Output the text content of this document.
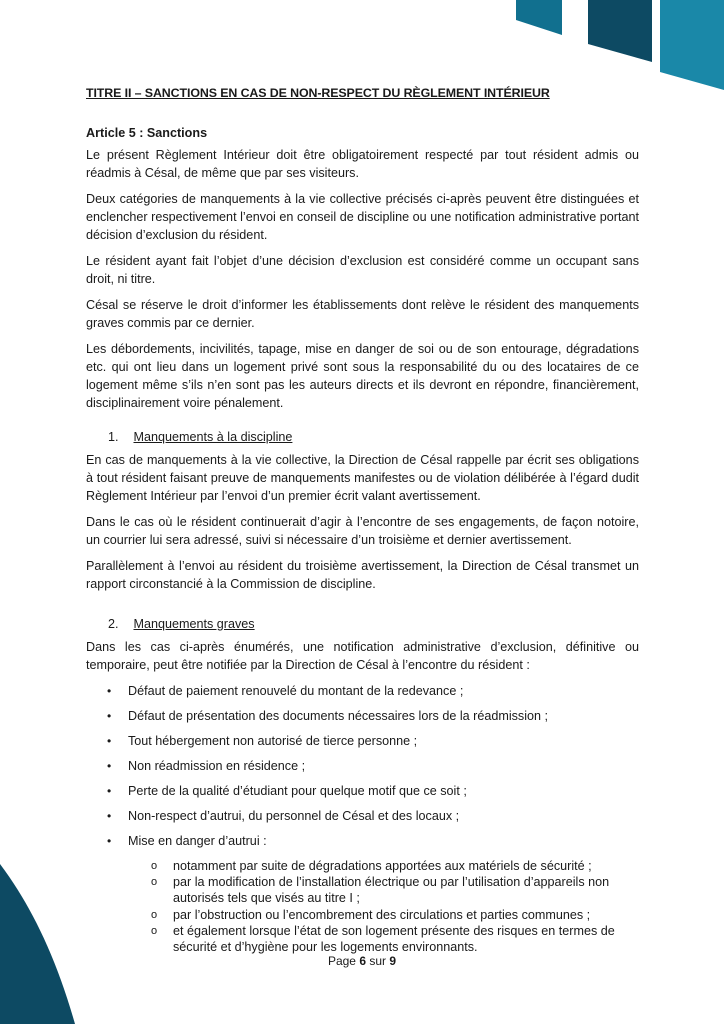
TITRE II – SANCTIONS EN CAS DE NON-RESPECT DU RÈGLEMENT INTÉRIEUR
Article 5 : Sanctions

Le présent Règlement Intérieur doit être obligatoirement respecté par tout résident admis ou réadmis à Césal, de même que par ses visiteurs.

Deux catégories de manquements à la vie collective précisés ci-après peuvent être distinguées et enclencher respectivement l’envoi en conseil de discipline ou une notification administrative portant décision d’exclusion du résident.

Le résident ayant fait l’objet d’une décision d’exclusion est considéré comme un occupant sans droit, ni titre.

Césal se réserve le droit d’informer les établissements dont relève le résident des manquements graves commis par ce dernier.

Les débordements, incivilités, tapage, mise en danger de soi ou de son entourage, dégradations etc. qui ont lieu dans un logement privé sont sous la responsabilité du ou des locataires de ce logement même s’ils n’en sont pas les auteurs directs et ils devront en répondre, financièrement, disciplinairement voire pénalement.

1. Manquements à la discipline

En cas de manquements à la vie collective, la Direction de Césal rappelle par écrit ses obligations à tout résident faisant preuve de manquements manifestes ou de violation délibérée à l’égard dudit Règlement Intérieur par l’envoi d’un premier écrit valant avertissement.

Dans le cas où le résident continuerait d’agir à l’encontre de ses engagements, de façon notoire, un courrier lui sera adressé, suivi si nécessaire d’un troisième et dernier avertissement.

Parallèlement à l’envoi au résident du troisième avertissement, la Direction de Césal transmet un rapport circonstancié à la Commission de discipline.

2. Manquements graves

Dans les cas ci-après énumérés, une notification administrative d’exclusion, définitive ou temporaire, peut être notifiée par la Direction de Césal à l’encontre du résident :

• Défaut de paiement renouvelé du montant de la redevance ;
• Défaut de présentation des documents nécessaires lors de la réadmission ;
• Tout hébergement non autorisé de tierce personne ;
• Non réadmission en résidence ;
• Perte de la qualité d’étudiant pour quelque motif que ce soit ;
• Non-respect d’autrui, du personnel de Césal et des locaux ;
• Mise en danger d’autrui :
o notamment par suite de dégradations apportées aux matériels de sécurité ;
o par la modification de l’installation électrique ou par l’utilisation d’appareils non autorisés tels que visés au titre I ;
o par l’obstruction ou l’encombrement des circulations et parties communes ;
o et également lorsque l’état de son logement présente des risques en termes de sécurité et d’hygiène pour les logements environnants.
Page 6 sur 9
